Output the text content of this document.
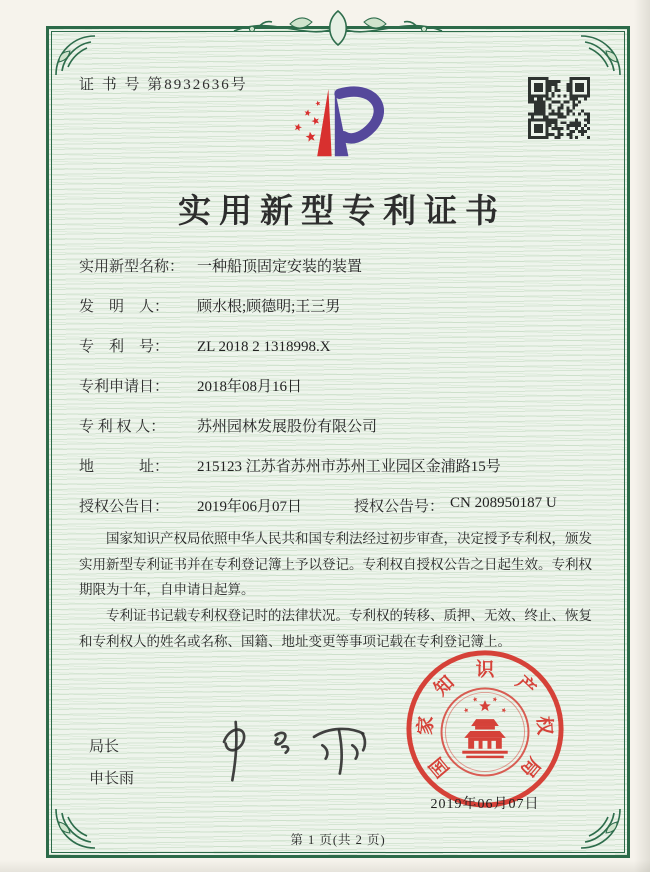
证 书 号 第8932636号
实用新型专利证书
实用新型名称： 一种船顶固定安装的装置
发　明　人：	顾水根;顾德明;王三男
专　利　号：	ZL 2018 2 1318998.X
专利申请日：	2018年08月16日
专 利 权 人：	苏州园林发展股份有限公司
地　　　址：	215123 江苏省苏州市苏州工业园区金浦路15号
授权公告日：	2019年06月07日	授权公告号： CN 208950187 U

国家知识产权局依照中华人民共和国专利法经过初步审查，决定授予专利权，颁发实用新型专利证书并在专利登记簿上予以登记。专利权自授权公告之日起生效。专利权期限为十年，自申请日起算。

专利证书记载专利权登记时的法律状况。专利权的转移、质押、无效、终止、恢复和专利权人的姓名或名称、国籍、地址变更等事项记载在专利登记簿上。

局长
申长雨	国
家
知
识
产
权
局
2019年06月07日
第 1 页(共 2 页)
